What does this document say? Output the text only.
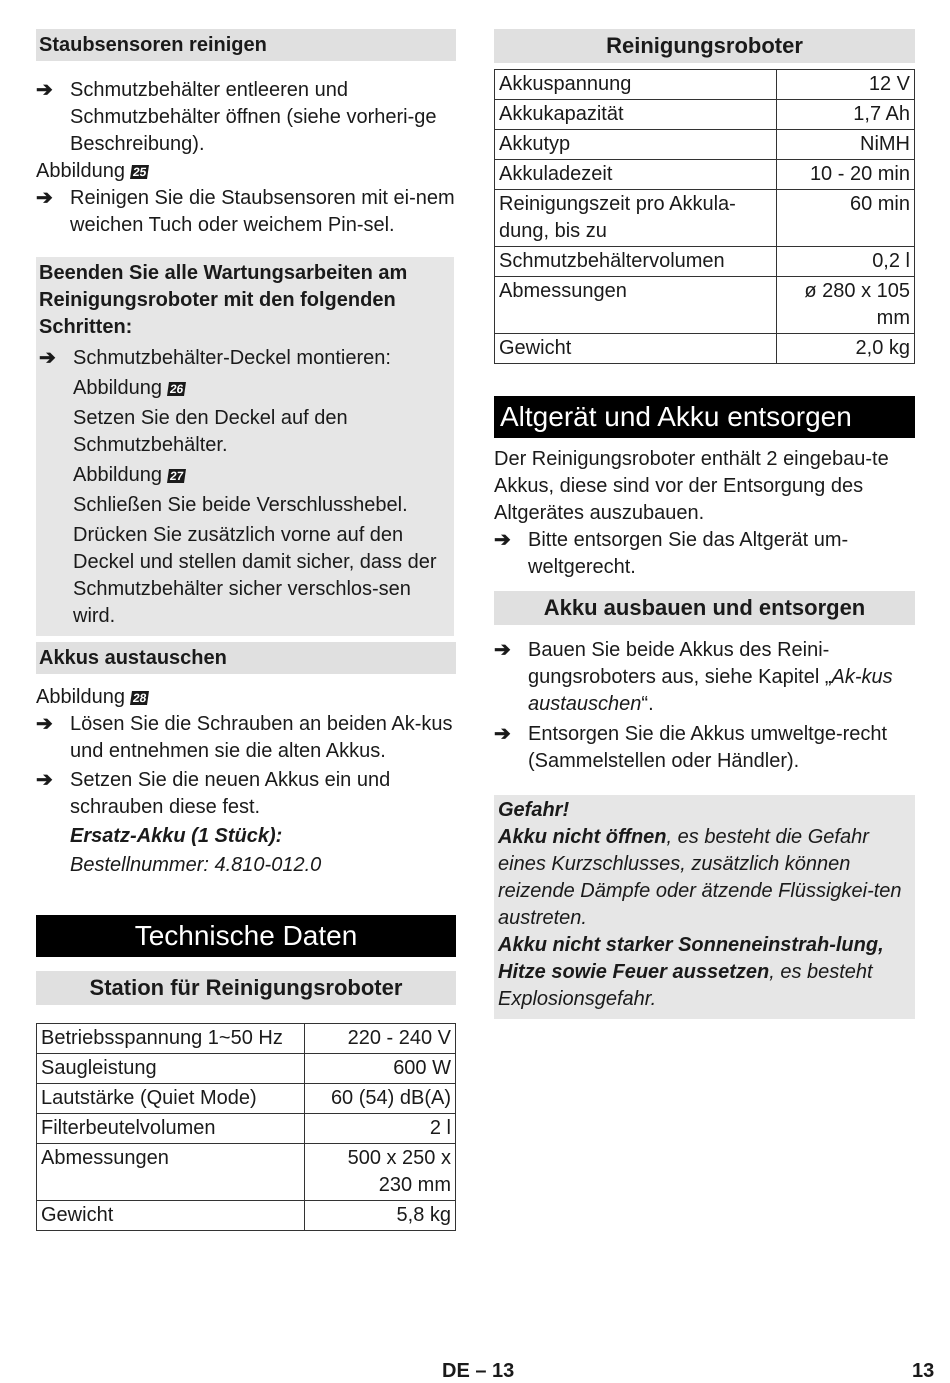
Staubsensoren reinigen
➔ Schmutzbehälter entleeren und Schmutzbehälter öffnen (siehe vorheri-ge Beschreibung).
Abbildung 25
➔ Reinigen Sie die Staubsensoren mit ei-nem weichen Tuch oder weichem Pin-sel.
Beenden Sie alle Wartungsarbeiten am Reinigungsroboter mit den folgenden Schritten:
➔ Schmutzbehälter-Deckel montieren:
Abbildung 26
Setzen Sie den Deckel auf den Schmutzbehälter.
Abbildung 27
Schließen Sie beide Verschlusshebel.
Drücken Sie zusätzlich vorne auf den Deckel und stellen damit sicher, dass der Schmutzbehälter sicher verschlos-sen wird.
Akkus austauschen
Abbildung 28
➔ Lösen Sie die Schrauben an beiden Ak-kus und entnehmen sie die alten Akkus.
➔ Setzen Sie die neuen Akkus ein und schrauben diese fest.
Ersatz-Akku (1 Stück):
Bestellnummer: 4.810-012.0
Technische Daten
Station für Reinigungsroboter
Betriebsspannung 1~50 Hz	220 - 240 V
Saugleistung	600 W
Lautstärke (Quiet Mode)	60 (54) dB(A)
Filterbeutelvolumen	2 l
Abmessungen	500 x 250 x 230 mm
Gewicht	5,8 kg
Reinigungsroboter
Akkuspannung	12 V
Akkukapazität	1,7 Ah
Akkutyp	NiMH
Akkuladezeit	10 - 20 min
Reinigungszeit pro Akkula-dung, bis zu	60 min
Schmutzbehältervolumen	0,2 l
Abmessungen	ø 280 x 105 mm
Gewicht	2,0 kg
Altgerät und Akku entsorgen
Der Reinigungsroboter enthält 2 eingebau-te Akkus, diese sind vor der Entsorgung des Altgerätes auszubauen.
➔ Bitte entsorgen Sie das Altgerät um-weltgerecht.
Akku ausbauen und entsorgen
➔ Bauen Sie beide Akkus des Reini-gungsroboters aus, siehe Kapitel „Ak-kus austauschen“.
➔ Entsorgen Sie die Akkus umweltge-recht (Sammelstellen oder Händler).
Gefahr!
Akku nicht öffnen, es besteht die Gefahr eines Kurzschlusses, zusätzlich können reizende Dämpfe oder ätzende Flüssigkei-ten austreten.
Akku nicht starker Sonneneinstrah-lung, Hitze sowie Feuer aussetzen, es besteht Explosionsgefahr.
DE – 13	13
